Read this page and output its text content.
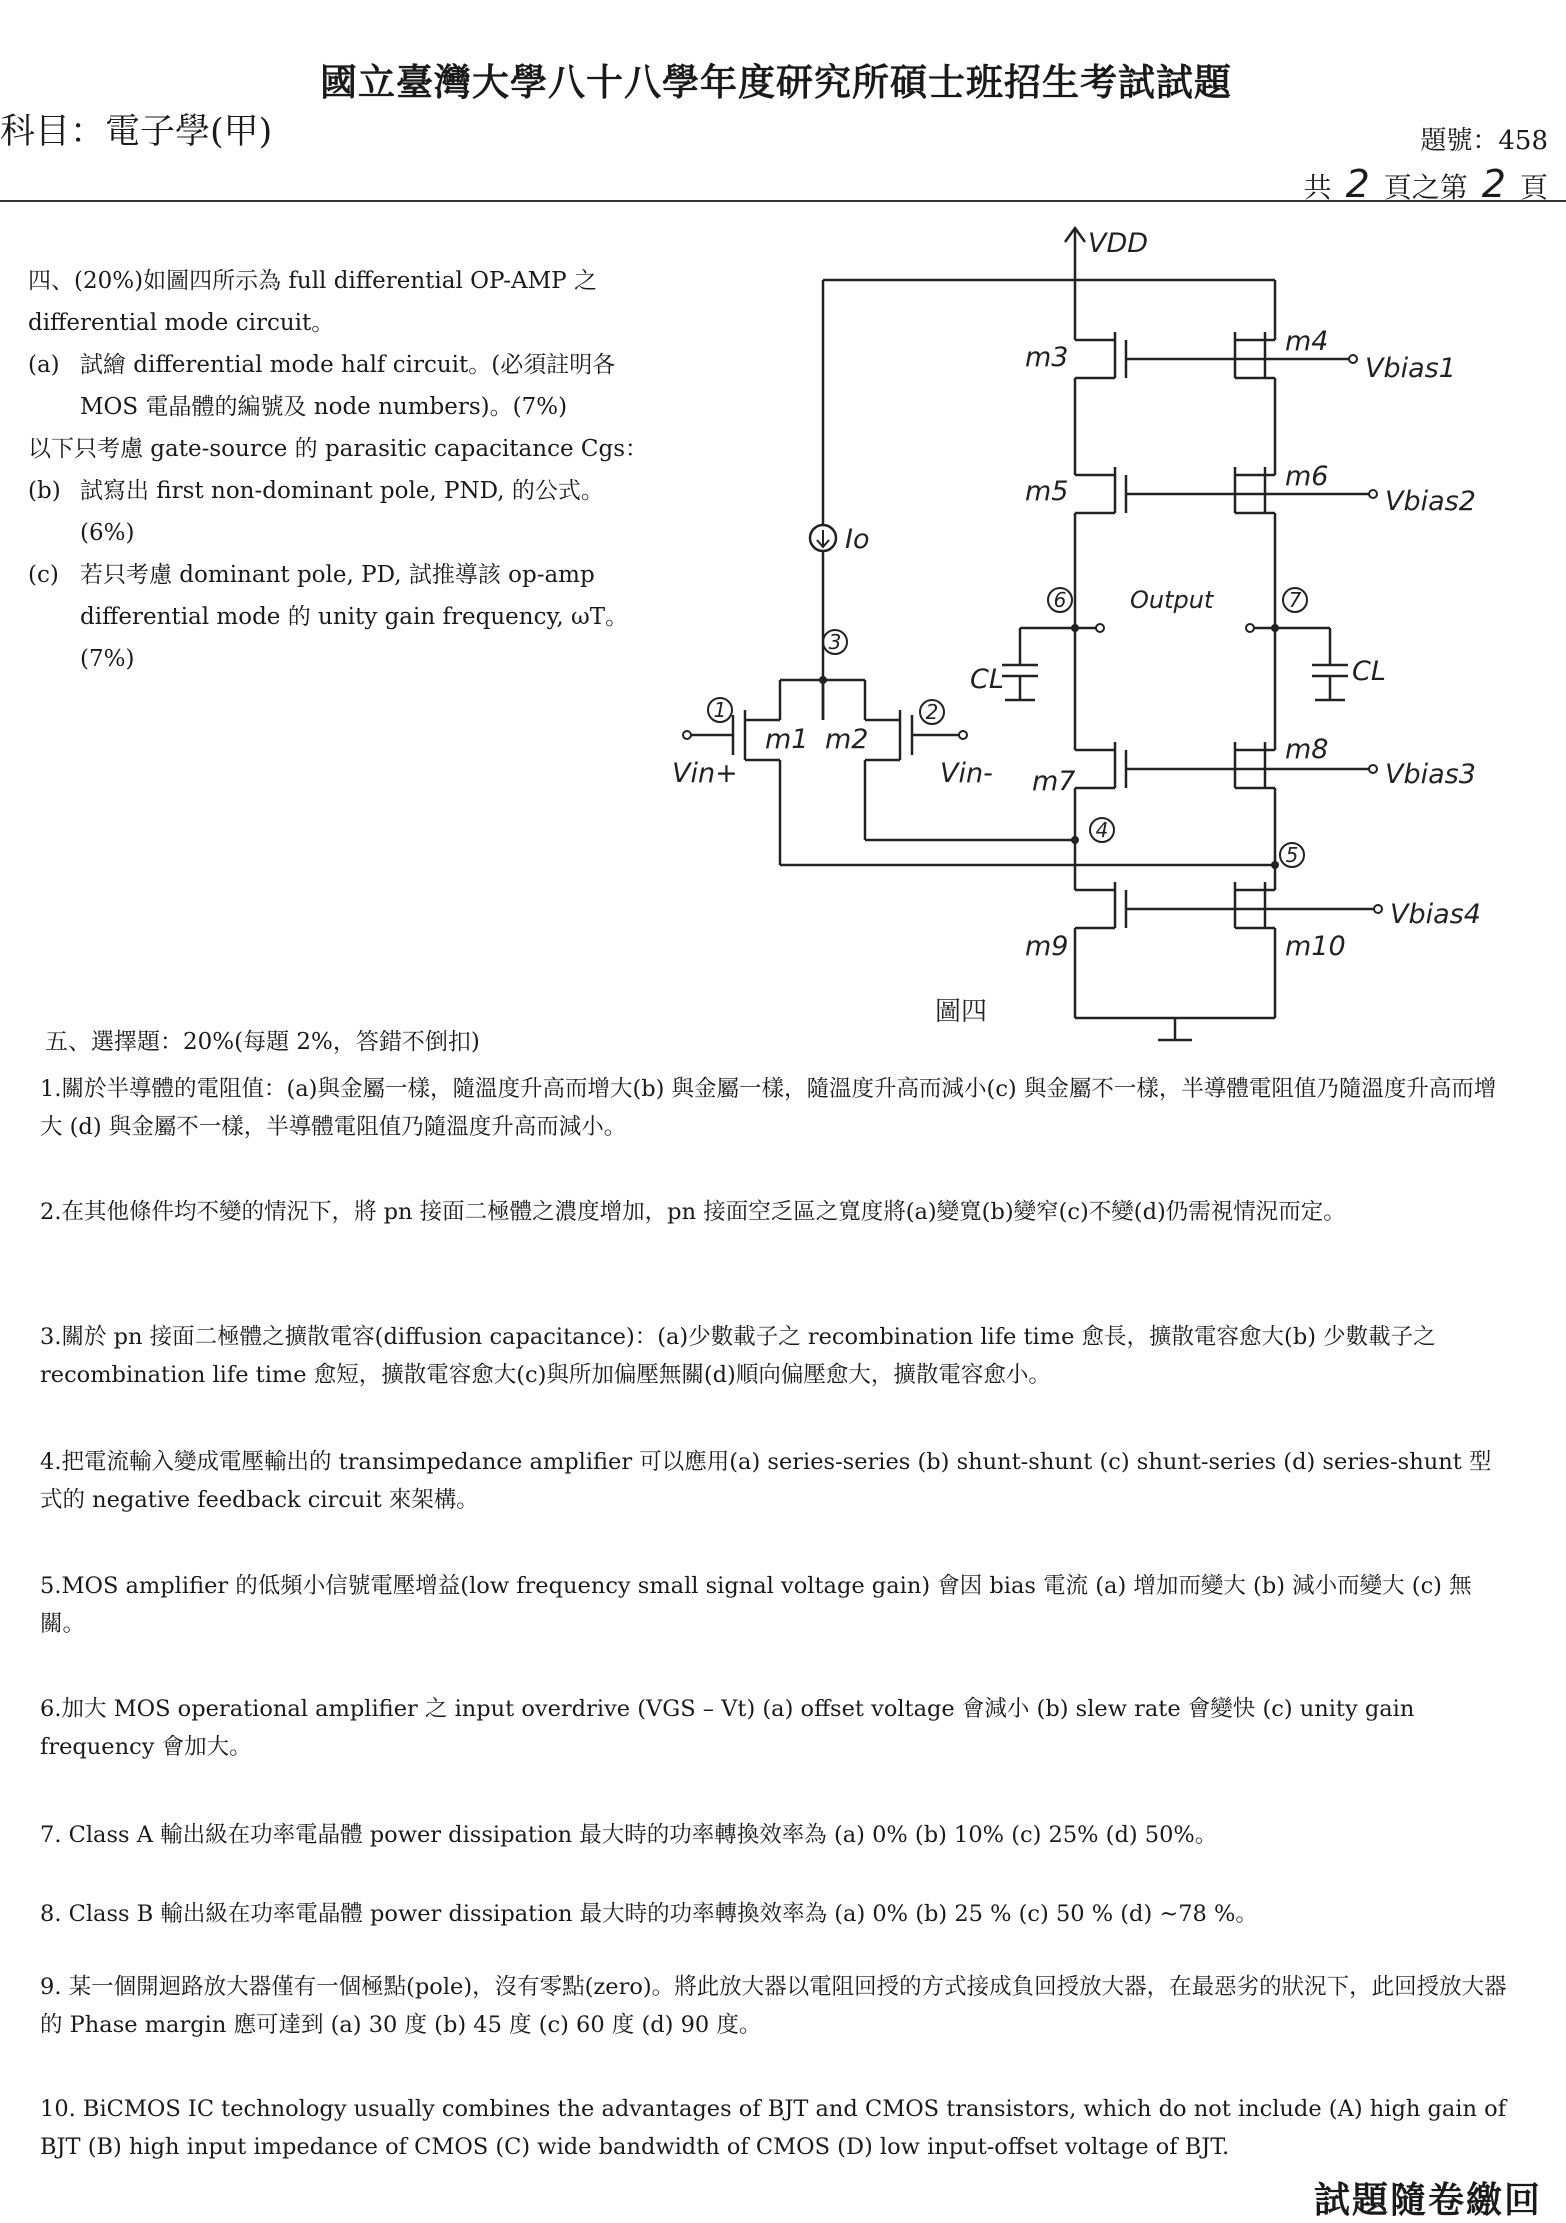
國立臺灣大學八十八學年度研究所碩士班招生考試試題
科目：電子學(甲)	題號：458
共 2 頁之第 2 頁
四、(20%)如圖四所示為 full differential OP-AMP 之
differential mode circuit。
(a) 試繪 differential mode half circuit。(必須註明各
MOS 電晶體的編號及 node numbers)。(7%)
以下只考慮 gate-source 的 parasitic capacitance Cgs：
(b) 試寫出 first non-dominant pole, PND, 的公式。
(6%)
(c) 若只考慮 dominant pole, PD, 試推導該 op-amp
differential mode 的 unity gain frequency, ωT。
(7%)
1	2
3
4
5
6	7
VDD
m3
m4
m5	m6
m7
m8
m9	m10
m1 m2
Vbias1
Vbias2
Vbias3
Vbias4
Vin+	Vin-
Io
Output
CL	CL
圖四
五、選擇題：20%(每題 2%，答錯不倒扣)
1.關於半導體的電阻值：(a)與金屬一樣，隨溫度升高而增大(b) 與金屬一樣，隨溫度升高而減小(c) 與金屬不一樣，半導體電阻值乃隨溫度升高而增大 (d) 與金屬不一樣，半導體電阻值乃隨溫度升高而減小。
2.在其他條件均不變的情況下，將 pn 接面二極體之濃度增加，pn 接面空乏區之寬度將(a)變寬(b)變窄(c)不變(d)仍需視情況而定。
3.關於 pn 接面二極體之擴散電容(diffusion capacitance)：(a)少數載子之 recombination life time 愈長，擴散電容愈大(b) 少數載子之 recombination life time 愈短，擴散電容愈大(c)與所加偏壓無關(d)順向偏壓愈大，擴散電容愈小。
4.把電流輸入變成電壓輸出的 transimpedance amplifier 可以應用(a) series-series (b) shunt-shunt (c) shunt-series (d) series-shunt 型式的 negative feedback circuit 來架構。
5.MOS amplifier 的低頻小信號電壓增益(low frequency small signal voltage gain) 會因 bias 電流 (a) 增加而變大 (b) 減小而變大 (c) 無關。
6.加大 MOS operational amplifier 之 input overdrive (VGS – Vt) (a) offset voltage 會減小 (b) slew rate 會變快 (c) unity gain frequency 會加大。
7. Class A 輸出級在功率電晶體 power dissipation 最大時的功率轉換效率為 (a) 0% (b) 10% (c) 25% (d) 50%。
8. Class B 輸出級在功率電晶體 power dissipation 最大時的功率轉換效率為 (a) 0% (b) 25 % (c) 50 % (d) ~78 %。
9. 某一個開迴路放大器僅有一個極點(pole)，沒有零點(zero)。將此放大器以電阻回授的方式接成負回授放大器，在最惡劣的狀況下，此回授放大器的 Phase margin 應可達到 (a) 30 度 (b) 45 度 (c) 60 度 (d) 90 度。
10. BiCMOS IC technology usually combines the advantages of BJT and CMOS transistors, which do not include (A) high gain of BJT (B) high input impedance of CMOS (C) wide bandwidth of CMOS (D) low input-offset voltage of BJT.
試題隨卷繳回
